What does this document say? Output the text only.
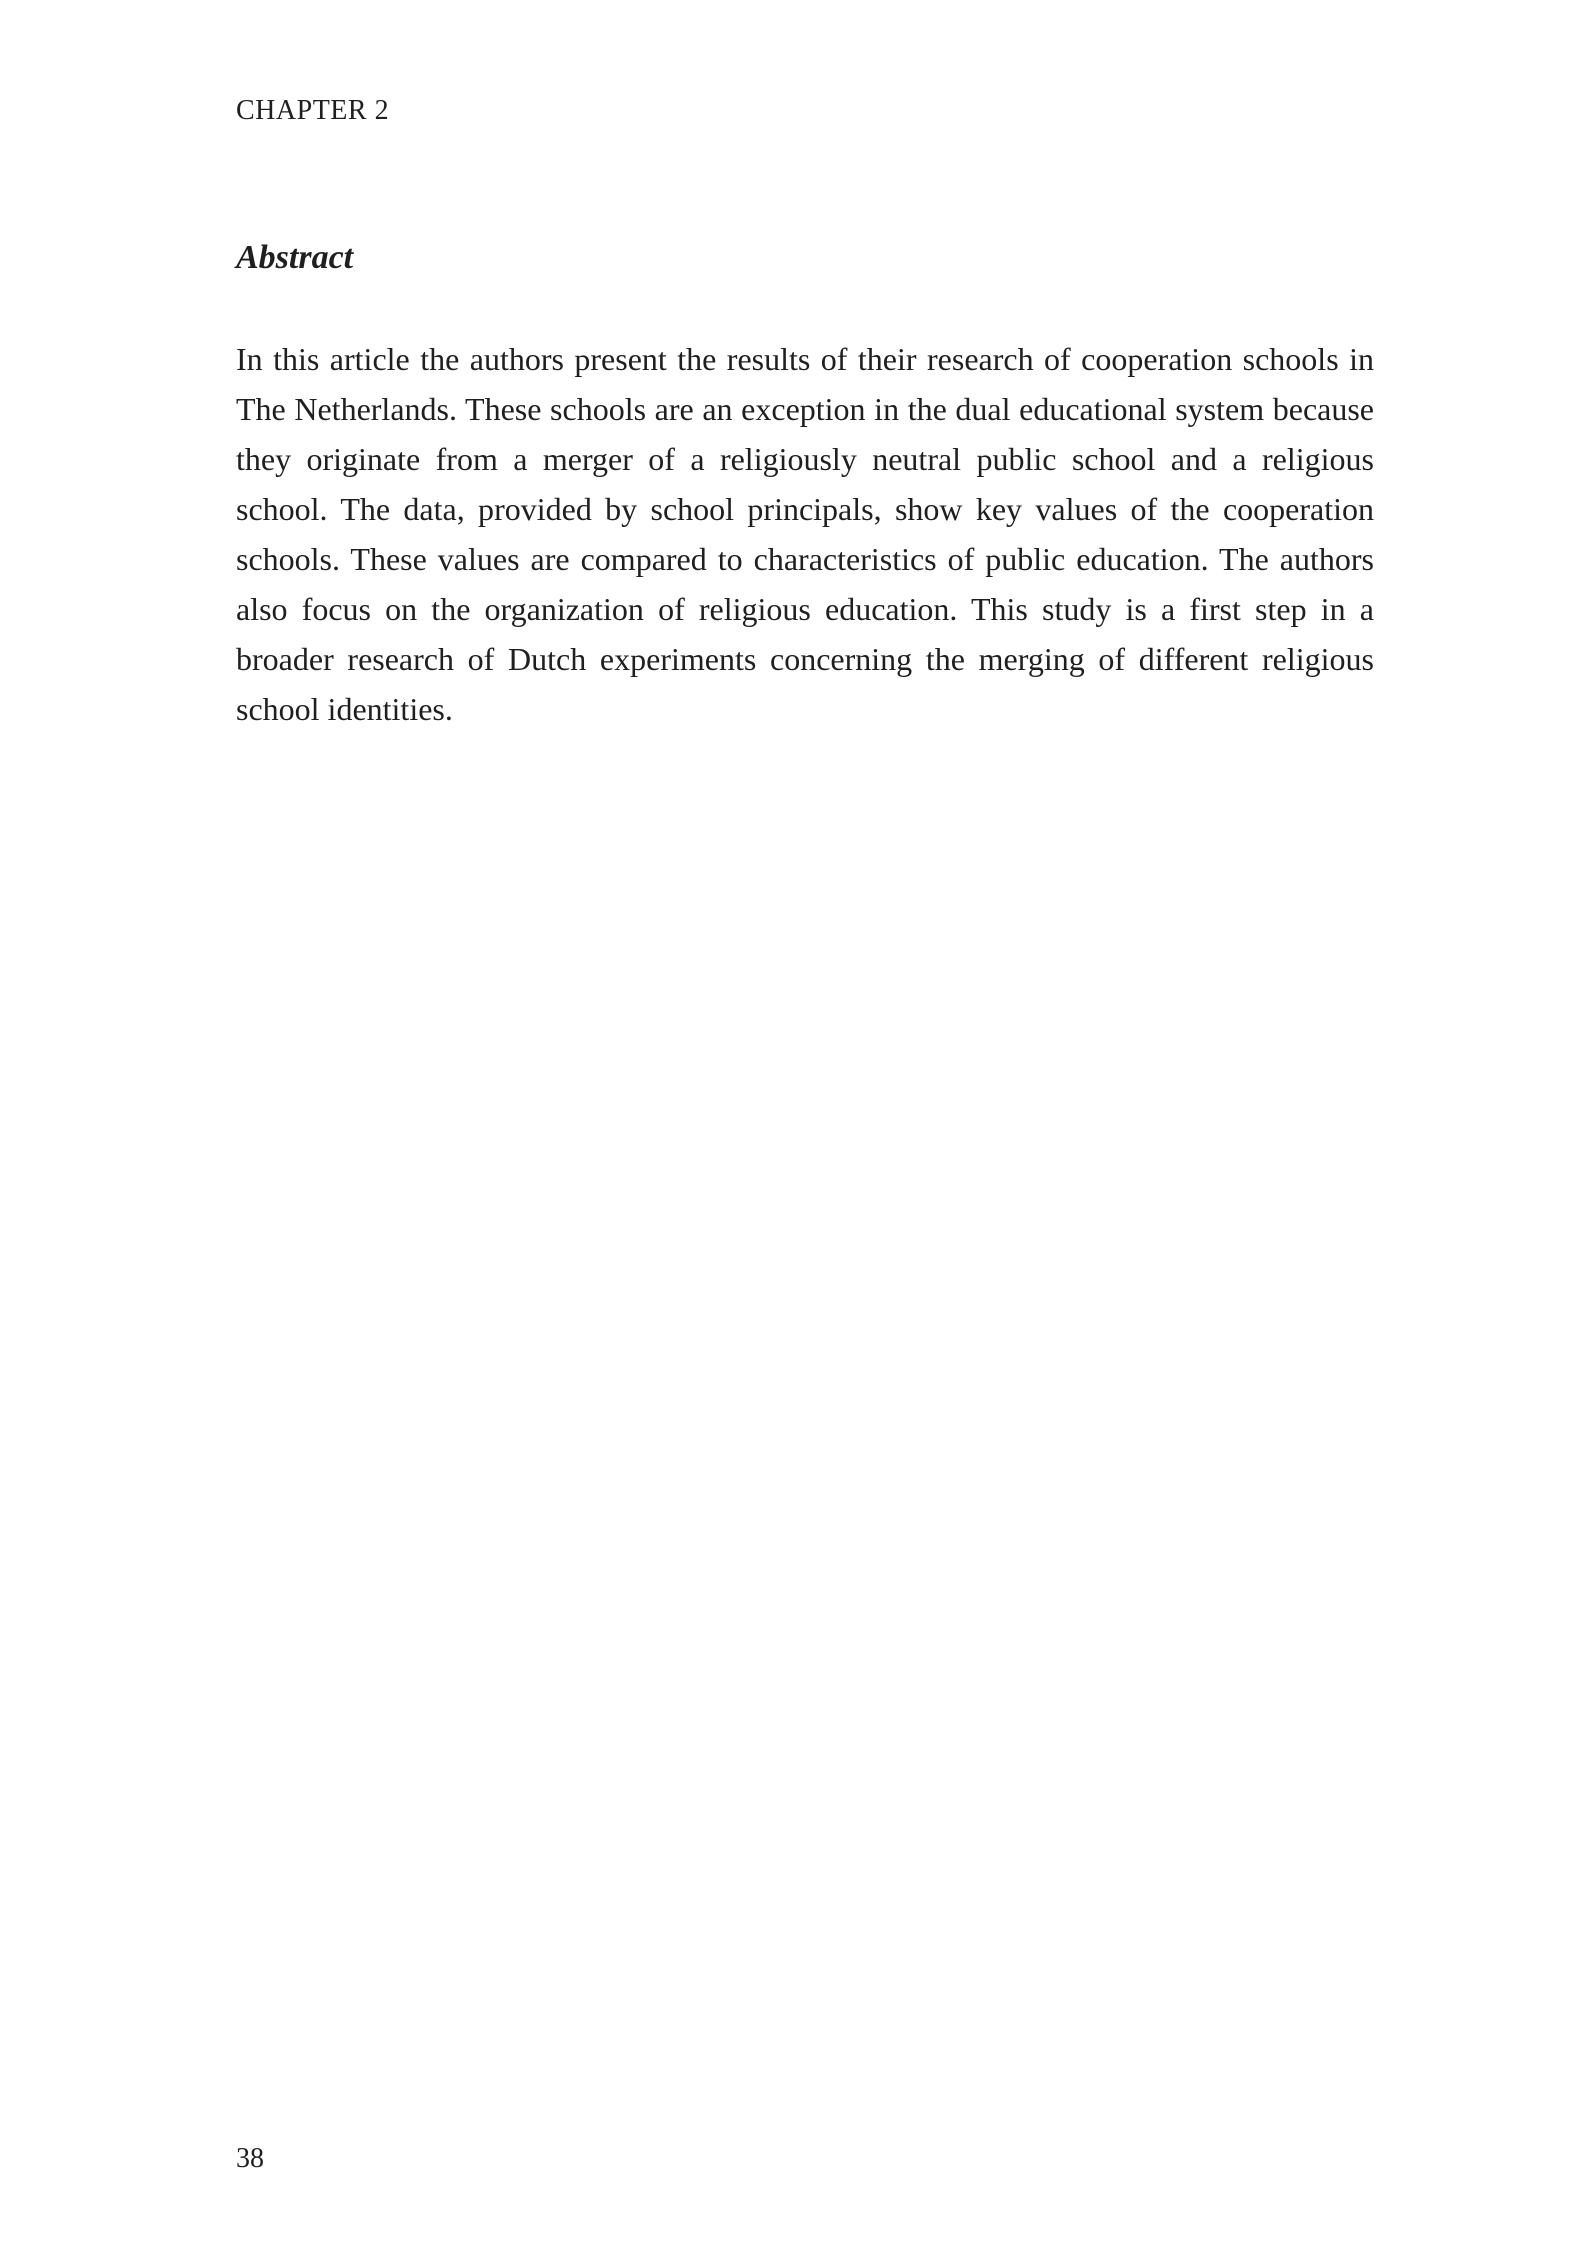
CHAPTER 2
Abstract

In this article the authors present the results of their research of cooperation schools in The Netherlands. These schools are an exception in the dual educational system because they originate from a merger of a religiously neutral public school and a religious school. The data, provided by school principals, show key values of the cooperation schools. These values are compared to characteristics of public education. The authors also focus on the organization of religious education. This study is a first step in a broader research of Dutch experiments concerning the merging of different religious school identities.

38
